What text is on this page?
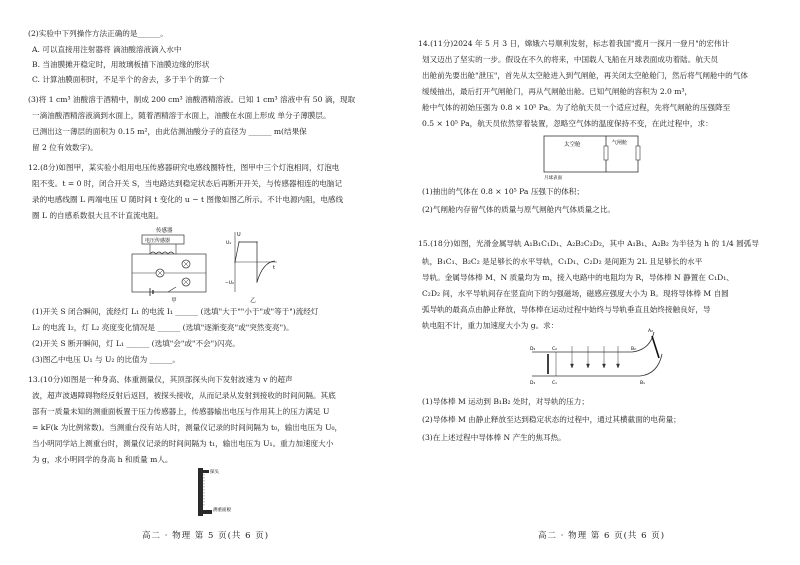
(2)实验中下列操作方法正确的是______。
A. 可以直接用注射器将 滴油酸溶液滴入水中
B. 当油膜摊开稳定时，用玻璃板描下油膜边缘的形状
C. 计算油膜面积时，不足半个的舍去，多于半个的算一个
(3)将 1 cm³ 油酸溶于酒精中，制成 200 cm³ 油酸酒精溶液。已知 1 cm³ 溶液中有 50 滴，现取
一滴油酸酒精溶液滴到水面上，随着酒精溶于水面上，油酸在水面上形成 单分子薄膜层。
已测出这一薄层的面积为 0.15 m²，由此估测油酸分子的直径为 ______ m(结果保
留 2 位有效数字)。
12.(8分)如图甲，某实验小组用电压传感器研究电感线圈特性，图甲中三个灯泡相同，灯泡电
阻不变。t = 0 时，闭合开关 S，当电路达到稳定状态后再断开开关，与传感器相连的电脑记
录的电感线圈 L 两端电压 U 随时间 t 变化的 u − t 图像如图乙所示。不计电源内阻，电感线
圈 L 的自感系数很大且不计直流电阻。
传感器
电压传感器
甲
U
t
U₁
−U₂
乙
(1)开关 S 闭合瞬间，流经灯 L₁ 的电流 I₁ ______ (选填"大于""小于"或"等于")流经灯
L₂ 的电流 I₂，灯 L₂ 亮度变化情况是 ______ (选填"逐渐变亮"或"突然变亮")。
(2)开关 S 断开瞬间，灯 L₁ ______ (选填"会"或"不会")闪亮。
(3)图乙中电压 U₁ 与 U₂ 的比值为 ______。
13.(10分)如图是一种身高、体重测量仪，其顶部探头向下发射波速为 v 的超声
波，超声波遇障碍物经反射后返回，被探头接收，从而记录从发射到接收的时间间隔。其底
部有一质量未知的测重面板置于压力传感器上，传感器输出电压与作用其上的压力满足 U
= kF(k 为比例常数)。当测重台没有站人时，测量仪记录的时间间隔为 t₀，输出电压为 U₀，
当小明同学站上测重台时，测量仪记录的时间间隔为 t₁，输出电压为 U₁。重力加速度大小
为 g，求小明同学的身高 h 和质量 m人。
探头
测重面板
高二 · 物理 第 5 页(共 6 页)
14.(11分)2024 年 5 月 3 日，嫦娥六号顺利发射，标志着我国"揽月一探月一登月"的宏伟计
划又迈出了坚实的一步。假设在不久的将来，中国载人飞船在月球表面成功着陆。航天员
出舱前先要出舱"泄压"，首先从太空舱进入到气闸舱，再关闭太空舱舱门，然后将气闸舱中的气体
缓缓抽出，最后打开气闸舱门，再从气闸舱出舱。已知气闸舱的容积为 2.0 m³，
舱中气体的初始压强为 0.8 × 10⁵ Pa。为了给航天员一个适应过程，先将气闸舱的压强降至
0.5 × 10⁵ Pa，航天员依然穿着装置，忽略空气体的温度保持不变，在此过程中，求：
太空舱	气闸舱
月球表面
(1)抽出的气体在 0.8 × 10⁵ Pa 压强下的体积；
(2)气闸舱内存留气体的质量与原气闸舱内气体质量之比。
15.(18分)如图，光滑金属导轨 A₁B₁C₁D₁、A₂B₂C₂D₂，其中 A₁B₁、A₂B₂ 为半径为 h 的 1/4 圆弧导
轨，B₁C₁、B₂C₂ 是足够长的水平导轨，C₁D₁、C₂D₂ 是间距为 2L 且足够长的水平
导轨。金属导体棒 M、N 质量均为 m，接入电路中的电阻均为 R，导体棒 N 静置在 C₁D₁、
C₂D₂ 间，水平导轨间存在竖直向下的匀强磁场，磁感应强度大小为 B。现将导体棒 M 自圆
弧导轨的最高点由静止释放，导体棒在运动过程中始终与导轨垂直且始终接触良好，导
轨电阻不计，重力加速度大小为 g。求：
A₂
B₂
B₁
C₂
C₁
D₂
D₁
(1)导体棒 M 运动到 B₁B₂ 处时，对导轨的压力；
(2)导体棒 M 由静止释放至达到稳定状态的过程中，通过其横截面的电荷量；
(3)在上述过程中导体棒 N 产生的焦耳热。
高二 · 物理 第 6 页(共 6 页)
